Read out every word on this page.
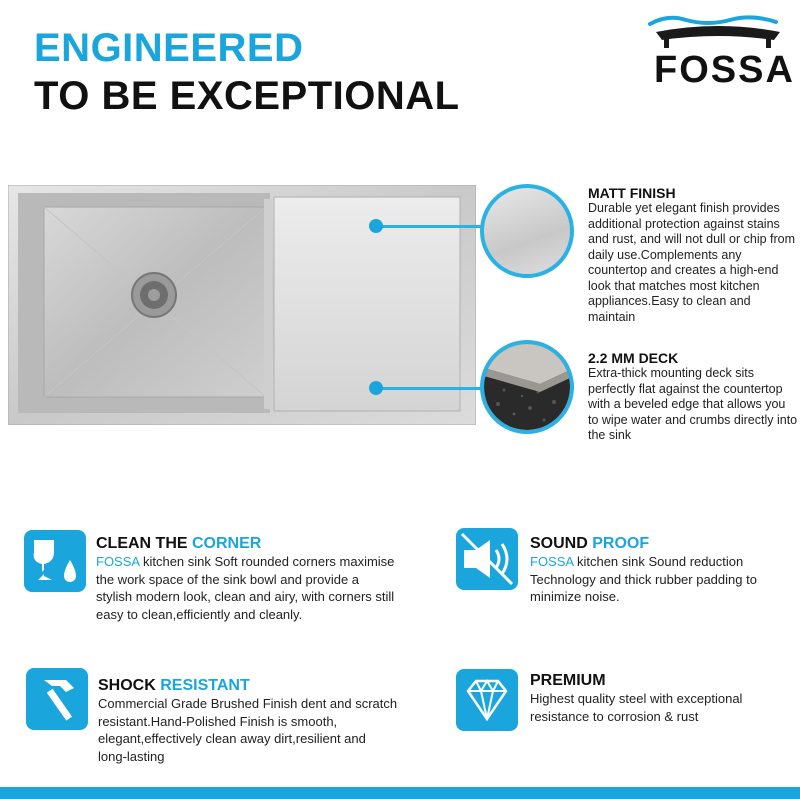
ENGINEERED
TO BE EXCEPTIONAL
FOSSA
MATT FINISH
Durable yet elegant finish provides additional protection against stains and rust, and will not dull or chip from daily use.Complements any countertop and creates a high-end look that matches most kitchen appliances.Easy to clean and maintain
2.2 MM DECK
Extra-thick mounting deck sits perfectly flat against the countertop with a beveled edge that allows you to wipe water and crumbs directly into the sink
CLEAN THE CORNER
FOSSA kitchen sink Soft rounded corners maximise the work space of the sink bowl and provide a stylish modern look, clean and airy, with corners still easy to clean,efficiently and cleanly.
SOUND PROOF
FOSSA kitchen sink Sound reduction Technology and thick rubber padding to minimize noise.
SHOCK RESISTANT
Commercial Grade Brushed Finish dent and scratch resistant.Hand-Polished Finish is smooth, elegant,effectively clean away dirt,resilient and long-lasting
PREMIUM
Highest quality steel with exceptional resistance to corrosion & rust
